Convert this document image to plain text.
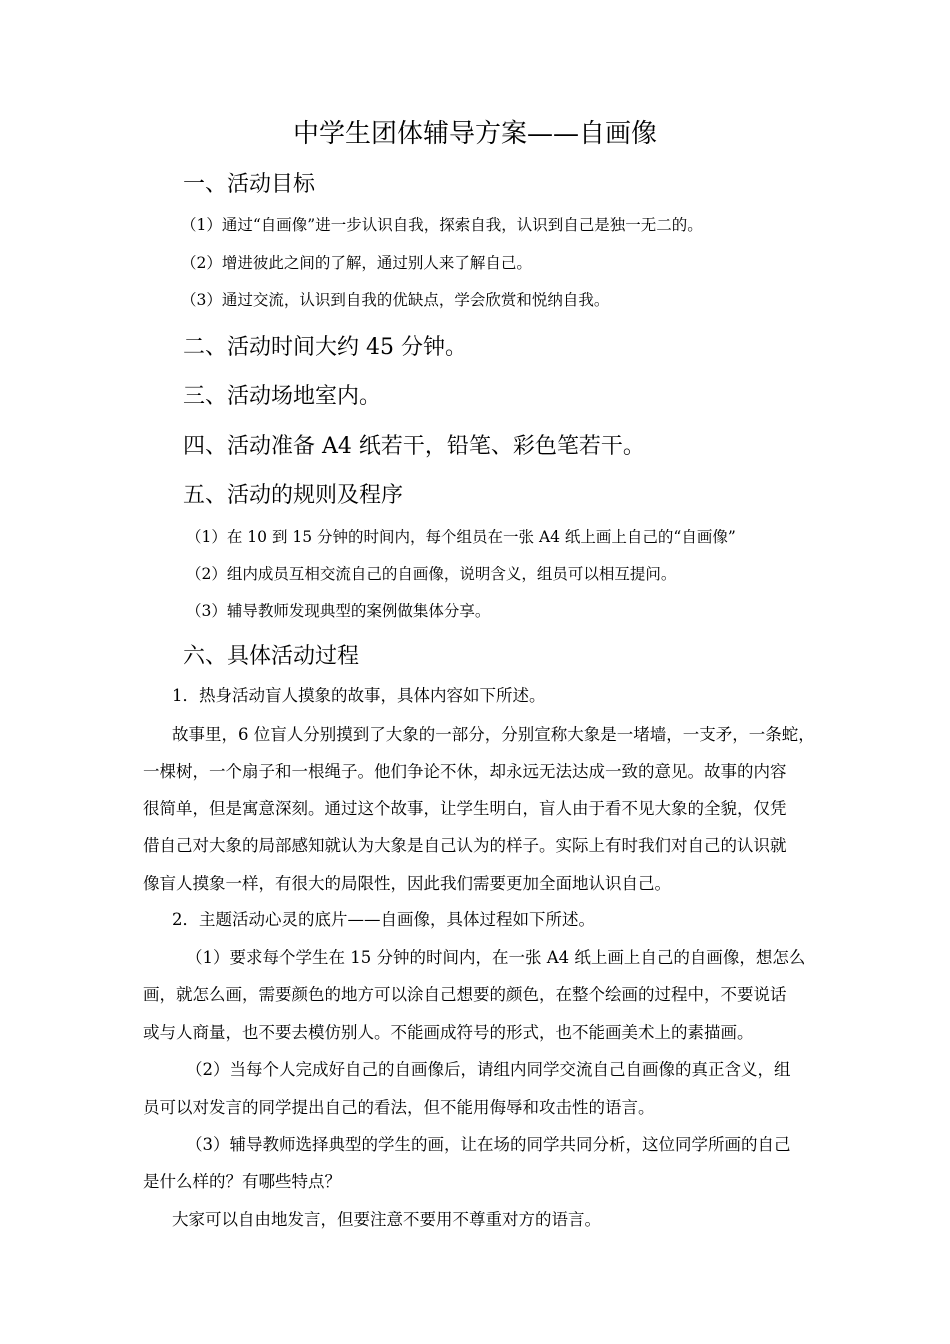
中学生团体辅导方案——自画像
一、活动目标

（1）通过“自画像”进一步认识自我，探索自我，认识到自己是独一无二的。

（2）增进彼此之间的了解，通过别人来了解自己。

（3）通过交流，认识到自我的优缺点，学会欣赏和悦纳自我。

二、活动时间大约 45 分钟。
三、活动场地室内。
四、活动准备 A4 纸若干，铅笔、彩色笔若干。
五、活动的规则及程序

（1）在 10 到 15 分钟的时间内，每个组员在一张 A4 纸上画上自己的“自画像”

（2）组内成员互相交流自己的自画像，说明含义，组员可以相互提问。

（3）辅导教师发现典型的案例做集体分享。

六、具体活动过程

1．热身活动盲人摸象的故事，具体内容如下所述。

故事里，6 位盲人分别摸到了大象的一部分，分别宣称大象是一堵墙，一支矛，一条蛇，

一棵树，一个扇子和一根绳子。他们争论不休，却永远无法达成一致的意见。故事的内容

很简单，但是寓意深刻。通过这个故事，让学生明白，盲人由于看不见大象的全貌，仅凭

借自己对大象的局部感知就认为大象是自己认为的样子。实际上有时我们对自己的认识就

像盲人摸象一样，有很大的局限性，因此我们需要更加全面地认识自己。

2．主题活动心灵的底片——自画像，具体过程如下所述。

（1）要求每个学生在 15 分钟的时间内，在一张 A4 纸上画上自己的自画像，想怎么

画，就怎么画，需要颜色的地方可以涂自己想要的颜色，在整个绘画的过程中，不要说话

或与人商量，也不要去模仿别人。不能画成符号的形式，也不能画美术上的素描画。

（2）当每个人完成好自己的自画像后，请组内同学交流自己自画像的真正含义，组

员可以对发言的同学提出自己的看法，但不能用侮辱和攻击性的语言。

（3）辅导教师选择典型的学生的画，让在场的同学共同分析，这位同学所画的自己

是什么样的？有哪些特点？

大家可以自由地发言，但要注意不要用不尊重对方的语言。
